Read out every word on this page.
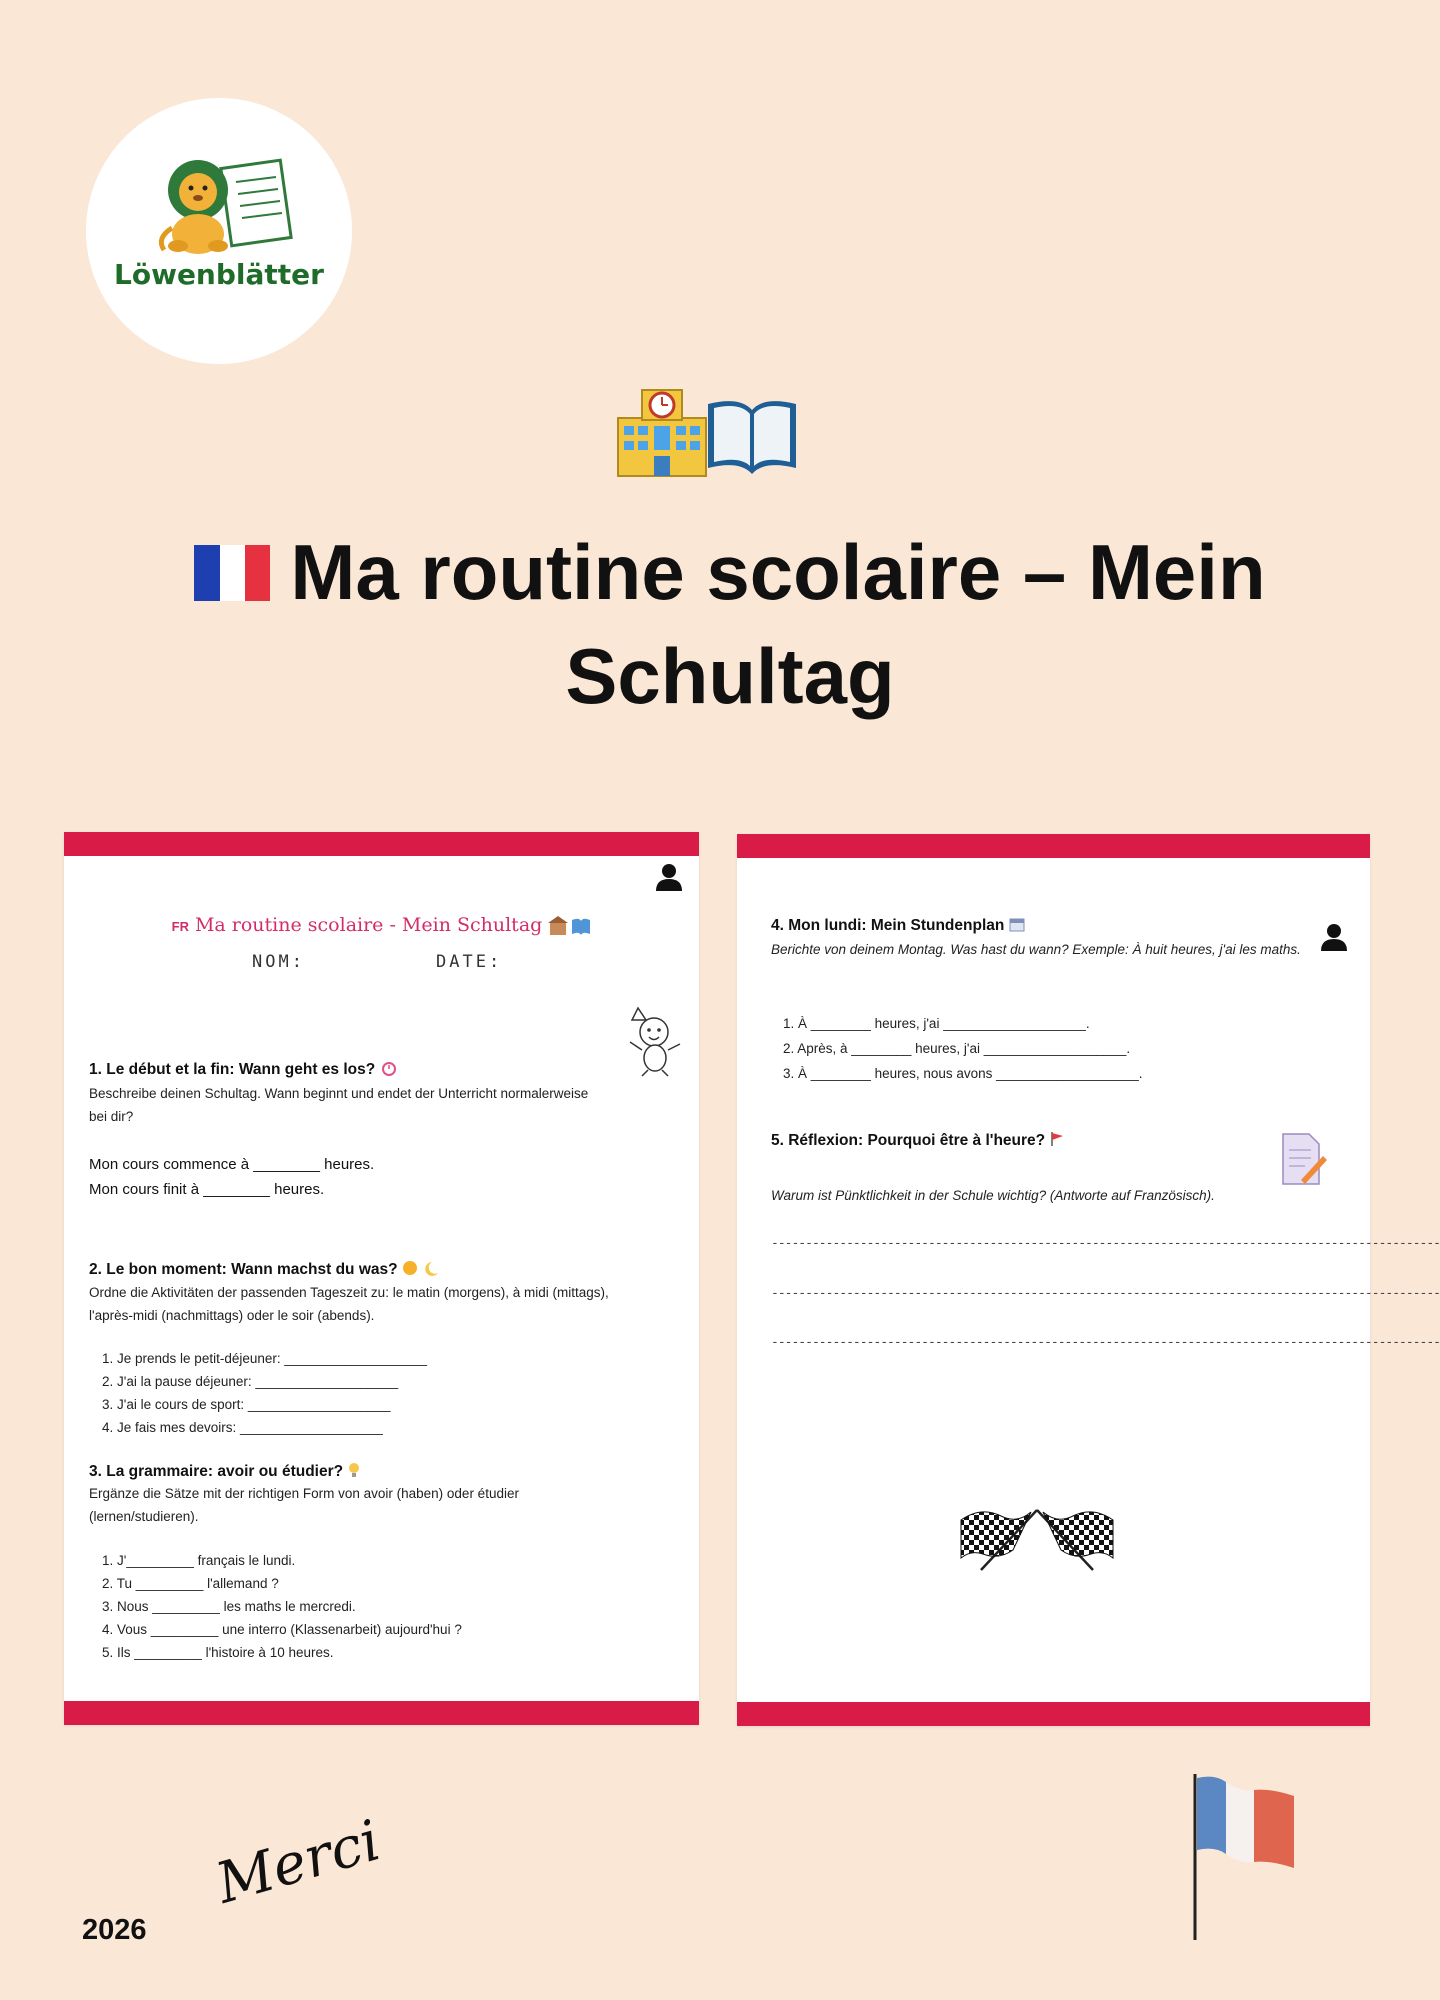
Löwenblätter
Ma routine scolaire – Mein Schultag
FR Ma routine scolaire - Mein Schultag
NOM:	DATE:
1. Le début et la fin: Wann geht es los?
Beschreibe deinen Schultag. Wann beginnt und endet der Unterricht normalerweise bei dir?
Mon cours commence à ________ heures.
Mon cours finit à ________ heures.
2. Le bon moment: Wann machst du was?
Ordne die Aktivitäten der passenden Tageszeit zu: le matin (morgens), à midi (mittags), l'après-midi (nachmittags) oder le soir (abends).
1. Je prends le petit-déjeuner: ___________________
2. J'ai la pause déjeuner: ___________________
3. J'ai le cours de sport: ___________________
4. Je fais mes devoirs: ___________________
3. La grammaire: avoir ou étudier?
Ergänze die Sätze mit der richtigen Form von avoir (haben) oder étudier (lernen/studieren).
1. J'_________ français le lundi.
2. Tu _________ l'allemand ?
3. Nous _________ les maths le mercredi.
4. Vous _________ une interro (Klassenarbeit) aujourd'hui ?
5. Ils _________ l'histoire à 10 heures.
4. Mon lundi: Mein Stundenplan
Berichte von deinem Montag. Was hast du wann? Exemple: À huit heures, j'ai les maths.
1. À ________ heures, j'ai ___________________.
2. Après, à ________ heures, j'ai ___________________.
3. À ________ heures, nous avons ___________________.
5. Réflexion: Pourquoi être à l'heure?
Warum ist Pünktlichkeit in der Schule wichtig? (Antworte auf Französisch).
--------------------------------------------------------------------------------------------------
--------------------------------------------------------------------------------------------------
--------------------------------------------------------------------------------------------------
2026
Merci
